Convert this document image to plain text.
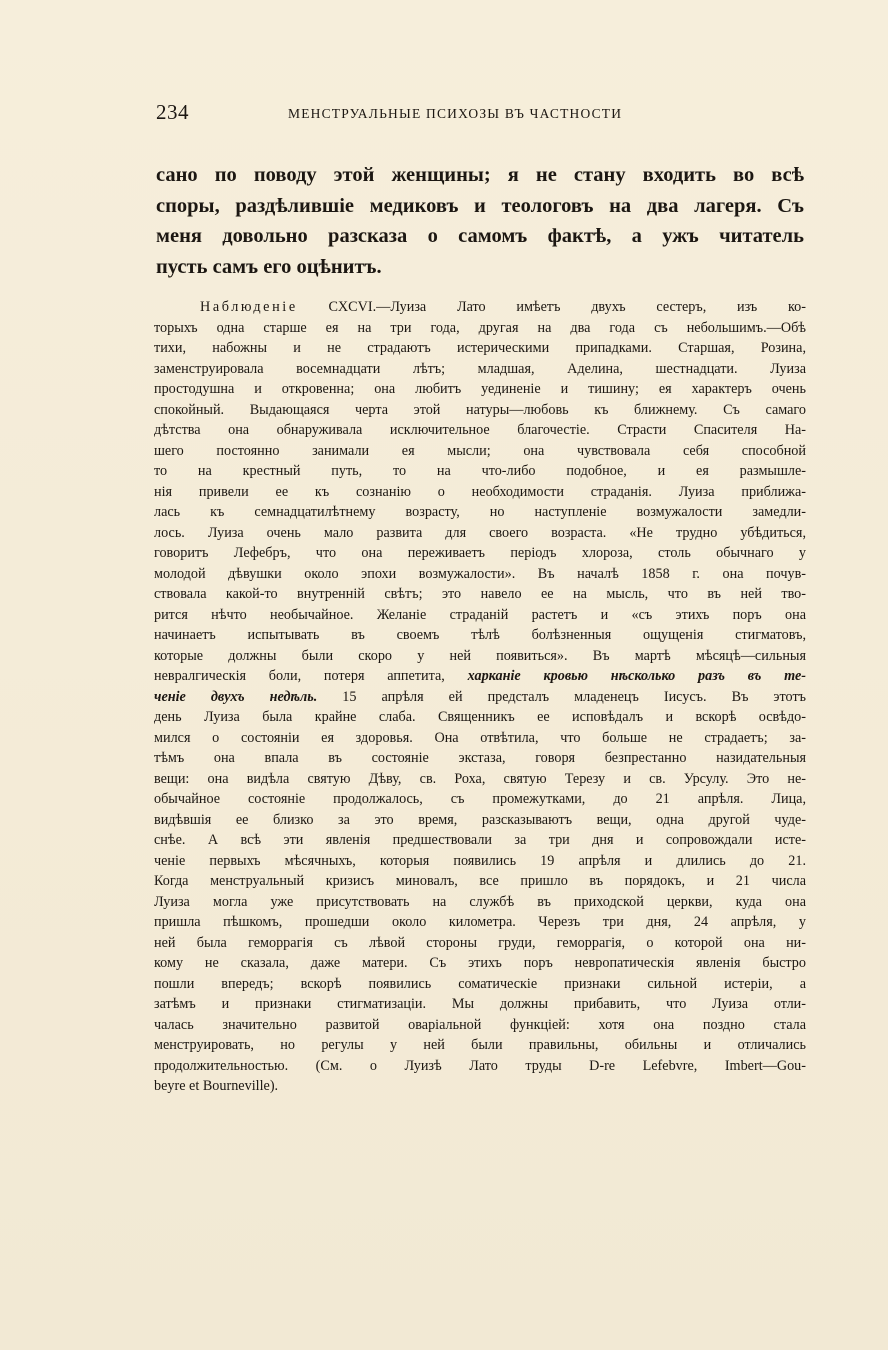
234	МЕНСТРУАЛЬНЫЕ ПСИХОЗЫ ВЪ ЧАСТНОСТИ
сано по поводу этой женщины; я не стану входить во всѣ
споры, раздѣлившіе медиковъ и теологовъ на два лагеря. Съ
меня довольно разсказа о самомъ фактѣ, а ужъ читатель
пусть самъ его оцѣнитъ.
Наблюденіе CXCVI.—Луиза Лато имѣетъ двухъ сестеръ, изъ ко-
торыхъ одна старше ея на три года, другая на два года съ небольшимъ.—Обѣ
тихи, набожны и не страдаютъ истерическими припадками. Старшая, Розина,
заменструировала восемнадцати лѣтъ; младшая, Аделина, шестнадцати. Луиза
простодушна и откровенна; она любитъ уединеніе и тишину; ея характеръ очень
спокойный. Выдающаяся черта этой натуры—любовь къ ближнему. Съ самаго
дѣтства она обнаруживала исключительное благочестіе. Страсти Спасителя На-
шего постоянно занимали ея мысли; она чувствовала себя способной
то на крестный путь, то на что-либо подобное, и ея размышле-
нія привели ее къ сознанію о необходимости страданія. Луиза приближа-
лась къ семнадцатилѣтнему возрасту, но наступленіе возмужалости замедли-
лось. Луиза очень мало развита для своего возраста. «Не трудно убѣдиться,
говоритъ Лефебръ, что она переживаетъ періодъ хлороза, столь обычнаго у
молодой дѣвушки около эпохи возмужалости». Въ началѣ 1858 г. она почув-
ствовала какой-то внутренній свѣтъ; это навело ее на мысль, что въ ней тво-
рится нѣчто необычайное. Желаніе страданій растетъ и «съ этихъ поръ она
начинаетъ испытывать въ своемъ тѣлѣ болѣзненныя ощущенія стигматовъ,
которые должны были скоро у ней появиться». Въ мартѣ мѣсяцѣ—сильныя
невралгическія боли, потеря аппетита, харканіе кровью нѣсколько разъ въ те-
ченіе двухъ недѣль. 15 апрѣля ей предсталъ младенецъ Іисусъ. Въ этотъ
день Луиза была крайне слаба. Священникъ ее исповѣдалъ и вскорѣ освѣдо-
мился о состояніи ея здоровья. Она отвѣтила, что больше не страдаетъ; за-
тѣмъ она впала въ состояніе экстаза, говоря безпрестанно назидательныя
вещи: она видѣла святую Дѣву, св. Роха, святую Терезу и св. Урсулу. Это не-
обычайное состояніе продолжалось, съ промежутками, до 21 апрѣля. Лица,
видѣвшія ее близко за это время, разсказываютъ вещи, одна другой чуде-
снѣе. А всѣ эти явленія предшествовали за три дня и сопровождали исте-
ченіе первыхъ мѣсячныхъ, которыя появились 19 апрѣля и длились до 21.
Когда менструальный кризисъ миновалъ, все пришло въ порядокъ, и 21 числа
Луиза могла уже присутствовать на службѣ въ приходской церкви, куда она
пришла пѣшкомъ, прошедши около километра. Черезъ три дня, 24 апрѣля, у
ней была геморрагія съ лѣвой стороны груди, геморрагія, о которой она ни-
кому не сказала, даже матери. Съ этихъ поръ невропатическія явленія быстро
пошли впередъ; вскорѣ появились соматическіе признаки сильной истеріи, а
затѣмъ и признаки стигматизаціи. Мы должны прибавить, что Луиза отли-
чалась значительно развитой оваріальной функціей: хотя она поздно стала
менструировать, но регулы у ней были правильны, обильны и отличались
продолжительностью. (См. о Луизѣ Лато труды D-re Lefebvre, Imbert—Gou-
beyre et Bourneville).
